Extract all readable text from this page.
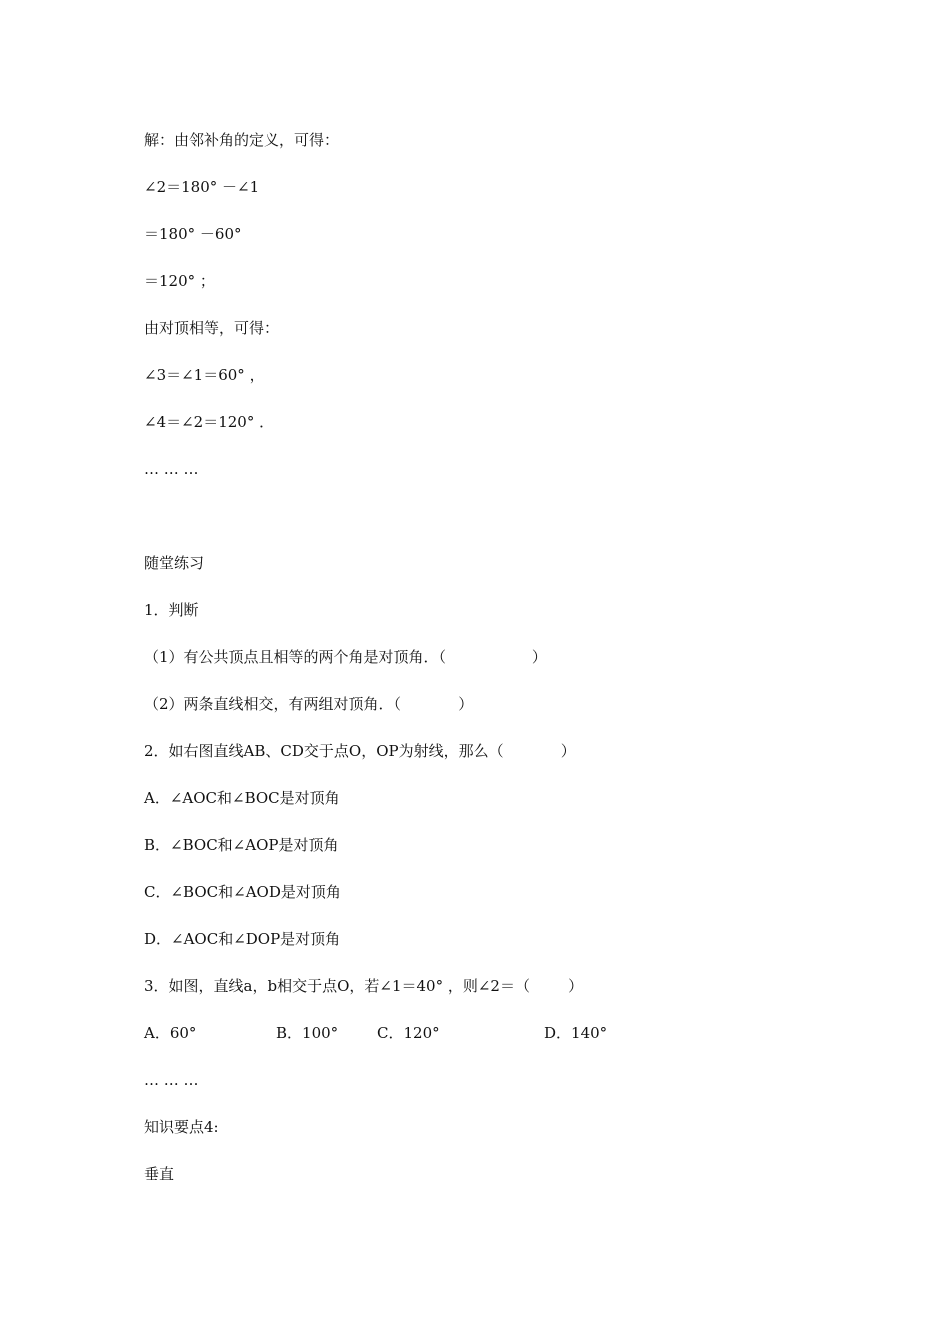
解：由邻补角的定义，可得：
∠2＝180° －∠1
＝180° －60°
＝120° ；
由对顶相等，可得：
∠3＝∠1＝60° ，
∠4＝∠2＝120° ．
… … …
随堂练习
1．判断
（1）有公共顶点且相等的两个角是对顶角．（                  ）
（2）两条直线相交，有两组对顶角．（            ）
2．如右图直线AB、CD交于点O，OP为射线，那么（            ）
A．∠AOC和∠BOC是对顶角
B．∠BOC和∠AOP是对顶角
C．∠BOC和∠AOD是对顶角
D．∠AOC和∠DOP是对顶角
3．如图，直线a，b相交于点O，若∠1＝40° ，则∠2＝（        ）
A．60°	B．100°	C．120°	D．140°
… … …
知识要点4:
垂直
